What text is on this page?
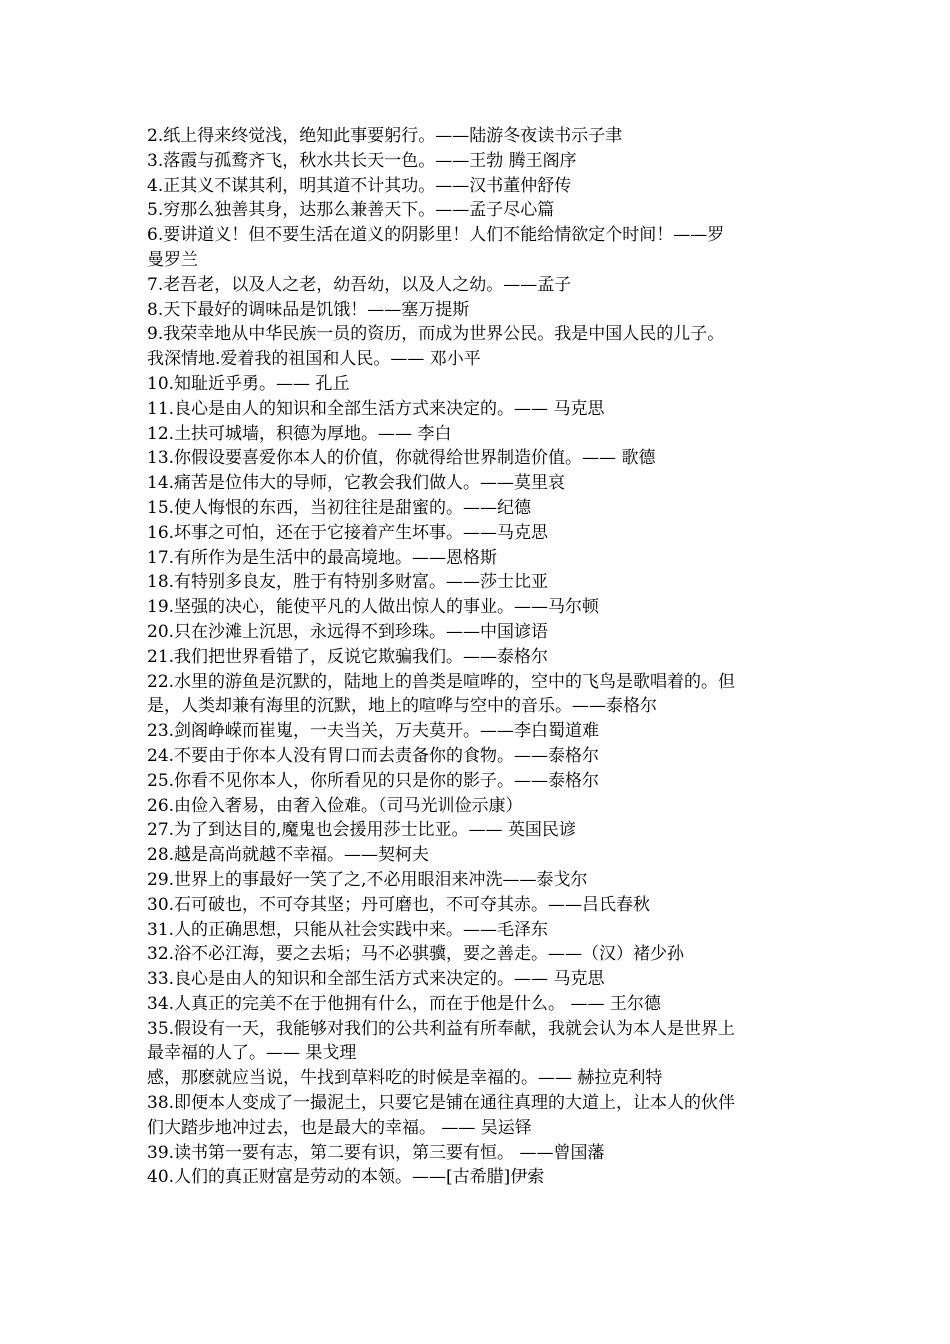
2.纸上得来终觉浅，绝知此事要躬行。——陆游冬夜读书示子聿
3.落霞与孤鹜齐飞，秋水共长天一色。——王勃 腾王阁序
4.正其义不谋其利，明其道不计其功。——汉书董仲舒传
5.穷那么独善其身，达那么兼善天下。——孟子尽心篇
6.要讲道义！但不要生活在道义的阴影里！人们不能给情欲定个时间！——罗
曼罗兰
7.老吾老，以及人之老，幼吾幼，以及人之幼。——孟子
8.天下最好的调味品是饥饿！——塞万提斯
9.我荣幸地从中华民族一员的资历，而成为世界公民。我是中国人民的儿子。
我深情地.爱着我的祖国和人民。—— 邓小平
10.知耻近乎勇。—— 孔丘
11.良心是由人的知识和全部生活方式来决定的。—— 马克思
12.土扶可城墙，积德为厚地。—— 李白
13.你假设要喜爱你本人的价值，你就得给世界制造价值。—— 歌德
14.痛苦是位伟大的导师，它教会我们做人。——莫里哀
15.使人悔恨的东西，当初往往是甜蜜的。——纪德
16.坏事之可怕，还在于它接着产生坏事。——马克思
17.有所作为是生活中的最高境地。——恩格斯
18.有特别多良友，胜于有特别多财富。——莎士比亚
19.坚强的决心，能使平凡的人做出惊人的事业。——马尔顿
20.只在沙滩上沉思，永远得不到珍珠。——中国谚语
21.我们把世界看错了，反说它欺骗我们。——泰格尔
22.水里的游鱼是沉默的，陆地上的兽类是喧哗的，空中的飞鸟是歌唱着的。但
是，人类却兼有海里的沉默，地上的喧哗与空中的音乐。——泰格尔
23.剑阁峥嵘而崔嵬，一夫当关，万夫莫开。——李白蜀道难
24.不要由于你本人没有胃口而去责备你的食物。——泰格尔
25.你看不见你本人，你所看见的只是你的影子。——泰格尔
26.由俭入奢易，由奢入俭难。（司马光训俭示康）
27.为了到达目的,魔鬼也会援用莎士比亚。—— 英国民谚
28.越是高尚就越不幸福。——契柯夫
29.世界上的事最好一笑了之,不必用眼泪来冲洗——泰戈尔
30.石可破也，不可夺其坚；丹可磨也，不可夺其赤。——吕氏春秋
31.人的正确思想，只能从社会实践中来。——毛泽东
32.浴不必江海，要之去垢；马不必骐骥，要之善走。——（汉）褚少孙
33.良心是由人的知识和全部生活方式来决定的。—— 马克思
34.人真正的完美不在于他拥有什么，而在于他是什么。 —— 王尔德
35.假设有一天，我能够对我们的公共利益有所奉献，我就会认为本人是世界上
最幸福的人了。—— 果戈理
感，那麽就应当说，牛找到草料吃的时候是幸福的。—— 赫拉克利特
38.即便本人变成了一撮泥土，只要它是铺在通往真理的大道上，让本人的伙伴
们大踏步地冲过去，也是最大的幸福。 —— 吴运铎
39.读书第一要有志，第二要有识，第三要有恒。 ——曾国藩
40.人们的真正财富是劳动的本领。——[古希腊]伊索
